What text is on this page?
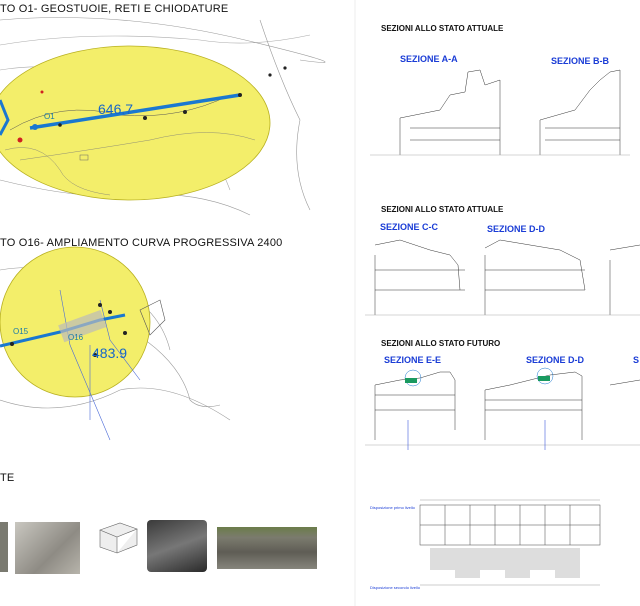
TO O1- GEOSTUOIE, RETI E CHIODATURE
646.7
O1
TO O16- AMPLIAMENTO CURVA PROGRESSIVA 2400
483.9
O15
O16
TE
SEZIONI ALLO STATO ATTUALE
SEZIONE A-A	SEZIONE B-B
SEZIONI ALLO STATO ATTUALE
SEZIONE C-C	SEZIONE D-D
SEZIONI ALLO STATO FUTURO
SEZIONE E-E	SEZIONE D-D	S
Disposizione primo livello
Disposizione secondo livello
